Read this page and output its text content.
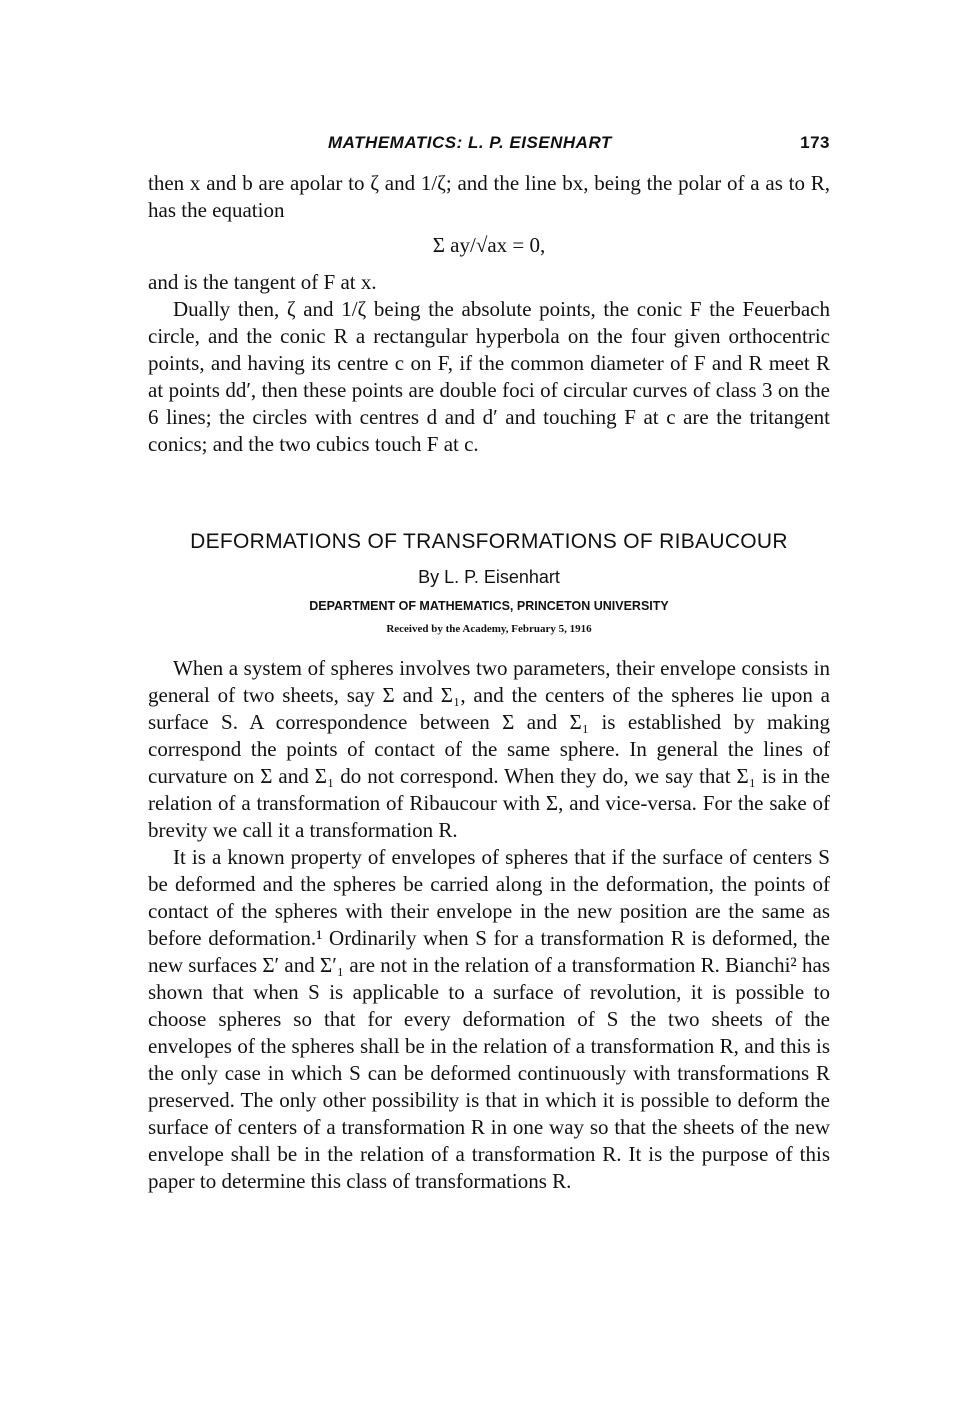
MATHEMATICS: L. P. EISENHART	173

then x and b are apolar to ζ and 1/ζ; and the line bx, being the polar of a as to R, has the equation

Σ ay/√ax = 0,

and is the tangent of F at x.

Dually then, ζ and 1/ζ being the absolute points, the conic F the Feuerbach circle, and the conic R a rectangular hyperbola on the four given orthocentric points, and having its centre c on F, if the common diameter of F and R meet R at points dd′, then these points are double foci of circular curves of class 3 on the 6 lines; the circles with centres d and d′ and touching F at c are the tritangent conics; and the two cubics touch F at c.

DEFORMATIONS OF TRANSFORMATIONS OF RIBAUCOUR
By L. P. Eisenhart
DEPARTMENT OF MATHEMATICS, PRINCETON UNIVERSITY
Received by the Academy, February 5, 1916

When a system of spheres involves two parameters, their envelope consists in general of two sheets, say Σ and Σ₁, and the centers of the spheres lie upon a surface S. A correspondence between Σ and Σ₁ is established by making correspond the points of contact of the same sphere. In general the lines of curvature on Σ and Σ₁ do not correspond. When they do, we say that Σ₁ is in the relation of a transformation of Ribaucour with Σ, and vice-versa. For the sake of brevity we call it a transformation R.

It is a known property of envelopes of spheres that if the surface of centers S be deformed and the spheres be carried along in the deformation, the points of contact of the spheres with their envelope in the new position are the same as before deformation.¹ Ordinarily when S for a transformation R is deformed, the new surfaces Σ′ and Σ′₁ are not in the relation of a transformation R. Bianchi² has shown that when S is applicable to a surface of revolution, it is possible to choose spheres so that for every deformation of S the two sheets of the envelopes of the spheres shall be in the relation of a transformation R, and this is the only case in which S can be deformed continuously with transformations R preserved. The only other possibility is that in which it is possible to deform the surface of centers of a transformation R in one way so that the sheets of the new envelope shall be in the relation of a transformation R. It is the purpose of this paper to determine this class of transformations R.
